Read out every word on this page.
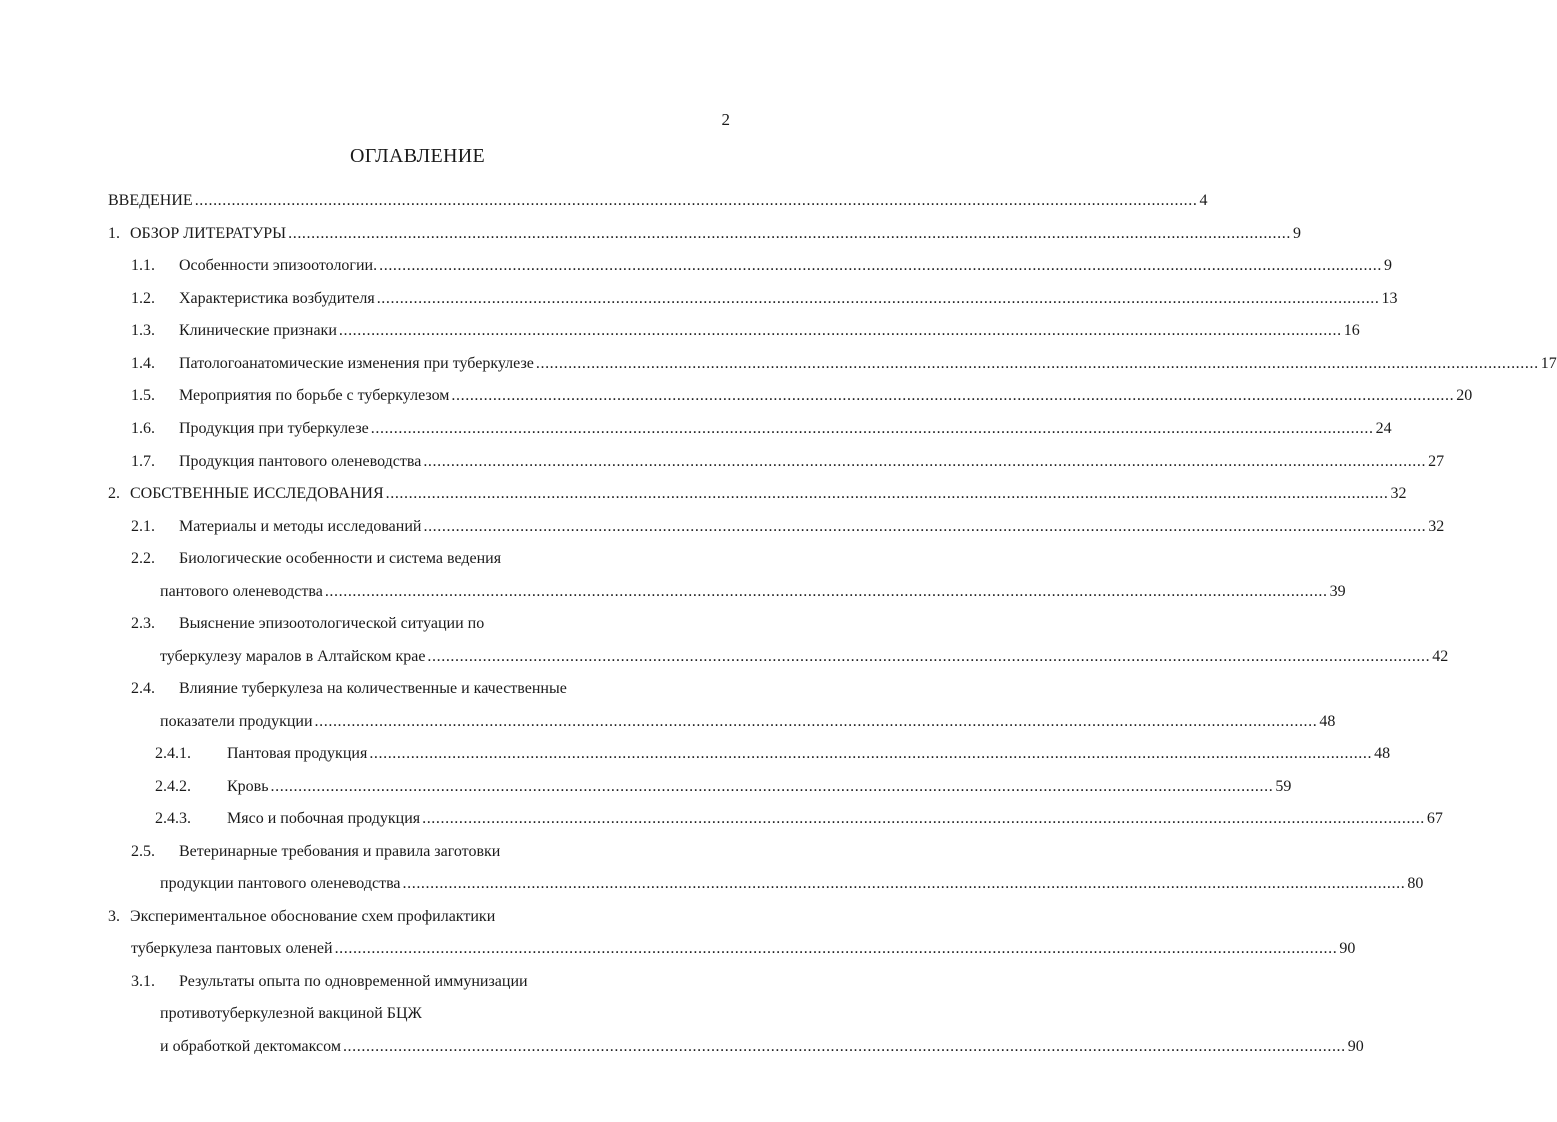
2
ОГЛАВЛЕНИЕ
ВВЕДЕНИЕ .......................................................................................................................................................................................................................... 4
1. ОБЗОР ЛИТЕРАТУРЫ .......................................................................................................................................................................................................................... 9
1.1. Особенности эпизоотологии. .......................................................................................................................................................................................................................... 9
1.2. Характеристика возбудителя .......................................................................................................................................................................................................................... 13
1.3. Клинические признаки .......................................................................................................................................................................................................................... 16
1.4. Патологоанатомические изменения при туберкулезе .......................................................................................................................................................................................................................... 17
1.5. Мероприятия по борьбе с туберкулезом .......................................................................................................................................................................................................................... 20
1.6. Продукция при туберкулезе .......................................................................................................................................................................................................................... 24
1.7. Продукция пантового оленеводства .......................................................................................................................................................................................................................... 27
2. СОБСТВЕННЫЕ ИССЛЕДОВАНИЯ .......................................................................................................................................................................................................................... 32
2.1. Материалы и методы исследований .......................................................................................................................................................................................................................... 32
2.2. Биологические особенности и система ведения
пантового оленеводства .......................................................................................................................................................................................................................... 39
2.3. Выяснение эпизоотологической ситуации по
туберкулезу маралов в Алтайском крае .......................................................................................................................................................................................................................... 42
2.4. Влияние туберкулеза на количественные и качественные
показатели продукции .......................................................................................................................................................................................................................... 48
2.4.1. Пантовая продукция .......................................................................................................................................................................................................................... 48
2.4.2. Кровь .......................................................................................................................................................................................................................... 59
2.4.3. Мясо и побочная продукция .......................................................................................................................................................................................................................... 67
2.5. Ветеринарные требования и правила заготовки
продукции пантового оленеводства .......................................................................................................................................................................................................................... 80
3. Экспериментальное обоснование схем профилактики
туберкулеза пантовых оленей .......................................................................................................................................................................................................................... 90
3.1. Результаты опыта по одновременной иммунизации
противотуберкулезной вакциной БЦЖ
и обработкой дектомаксом .......................................................................................................................................................................................................................... 90
